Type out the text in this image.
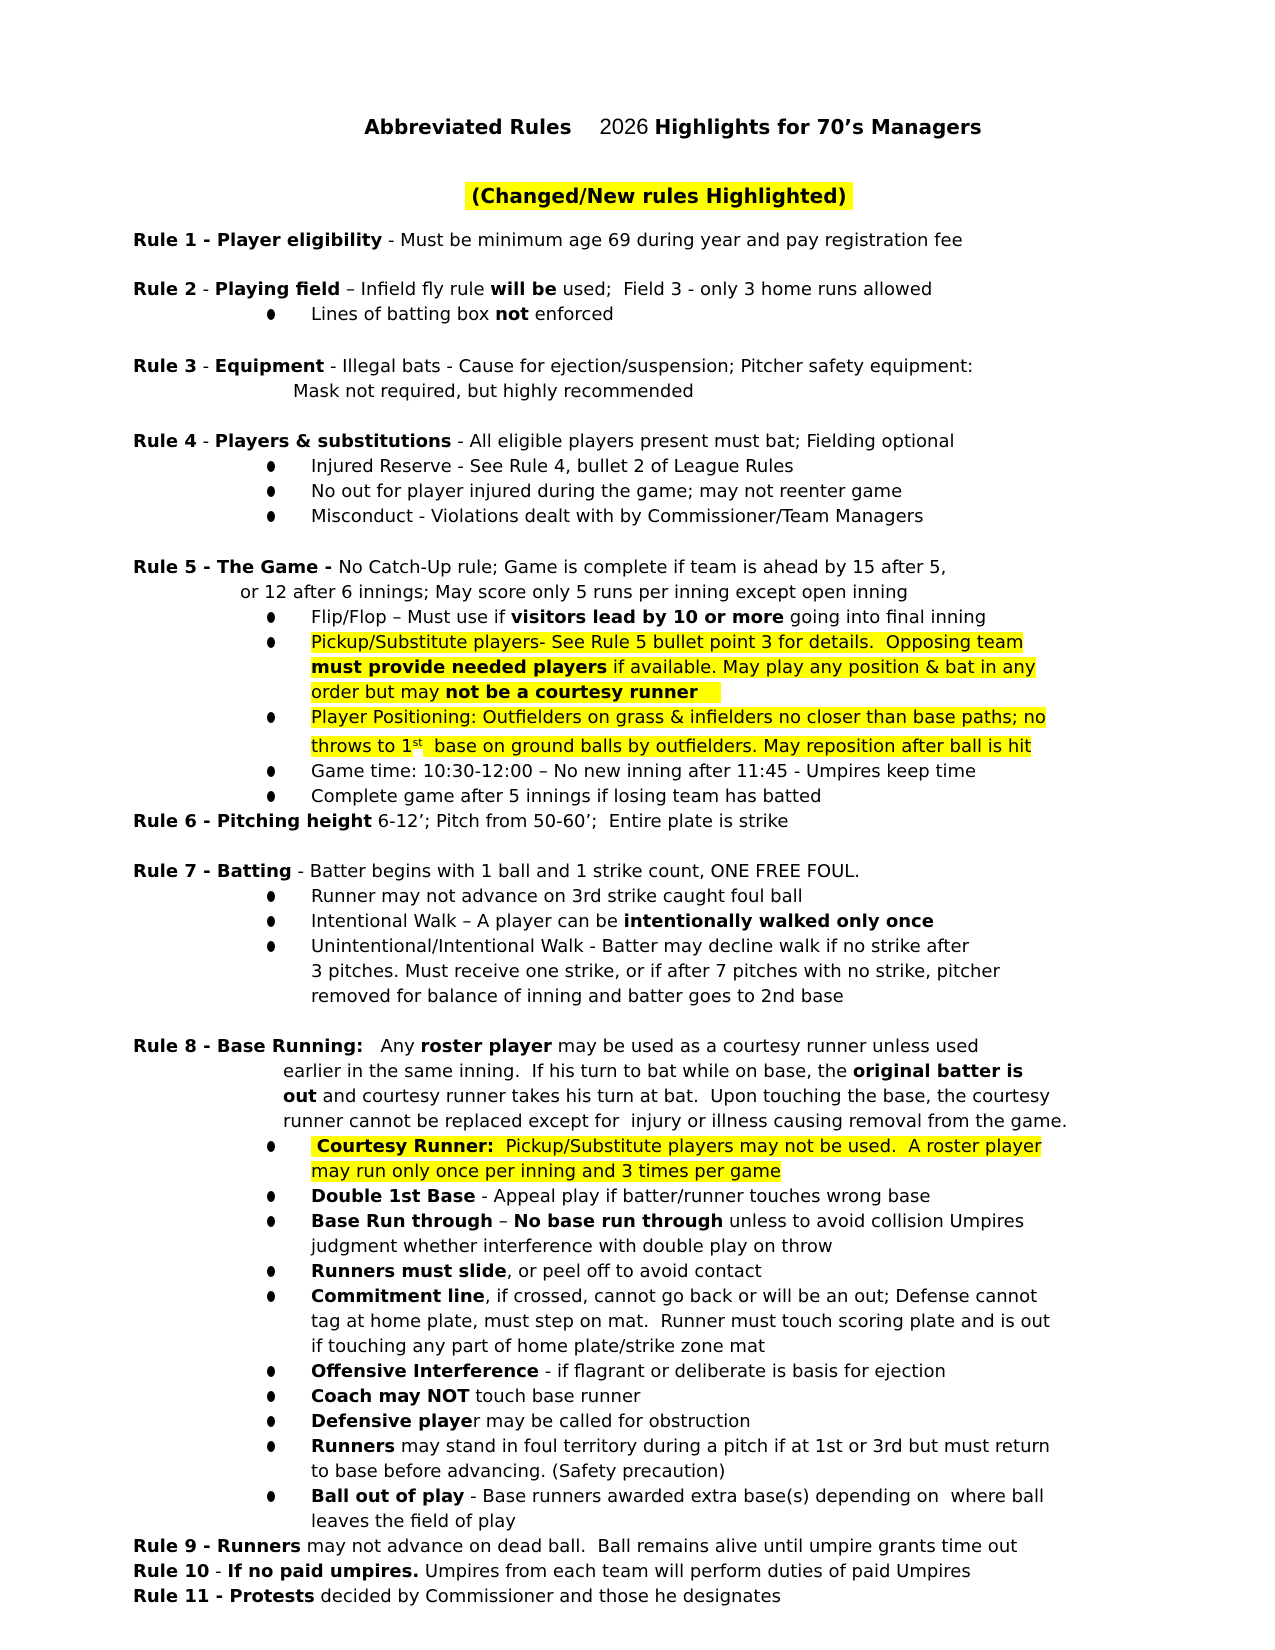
Abbreviated Rules 2026 Highlights for 70’s Managers

(Changed/New rules Highlighted)
Rule 1 - Player eligibility - Must be minimum age 69 during year and pay registration fee
Rule 2 - Playing field – Infield fly rule will be used;  Field 3 - only 3 home runs allowed
Lines of batting box not enforced
Rule 3 - Equipment - Illegal bats - Cause for ejection/suspension; Pitcher safety equipment:
Mask not required, but highly recommended
Rule 4 - Players & substitutions - All eligible players present must bat; Fielding optional
Injured Reserve - See Rule 4, bullet 2 of League Rules
No out for player injured during the game; may not reenter game
Misconduct - Violations dealt with by Commissioner/Team Managers
Rule 5 - The Game - No Catch-Up rule; Game is complete if team is ahead by 15 after 5,
or 12 after 6 innings; May score only 5 runs per inning except open inning
Flip/Flop – Must use if visitors lead by 10 or more going into final inning
Pickup/Substitute players- See Rule 5 bullet point 3 for details.  Opposing team
must provide needed players if available. May play any position & bat in any
order but may not be a courtesy runner
Player Positioning: Outfielders on grass & infielders no closer than base paths; no
throws to 1st  base on ground balls by outfielders. May reposition after ball is hit
Game time: 10:30-12:00 – No new inning after 11:45 - Umpires keep time
Complete game after 5 innings if losing team has batted
Rule 6 - Pitching height 6-12’; Pitch from 50-60’;  Entire plate is strike
Rule 7 - Batting - Batter begins with 1 ball and 1 strike count, ONE FREE FOUL.
Runner may not advance on 3rd strike caught foul ball
Intentional Walk – A player can be intentionally walked only once
Unintentional/Intentional Walk - Batter may decline walk if no strike after
3 pitches. Must receive one strike, or if after 7 pitches with no strike, pitcher
removed for balance of inning and batter goes to 2nd base
Rule 8 - Base Running:   Any roster player may be used as a courtesy runner unless used
earlier in the same inning.  If his turn to bat while on base, the original batter is
out and courtesy runner takes his turn at bat.  Upon touching the base, the courtesy
runner cannot be replaced except for  injury or illness causing removal from the game.
Courtesy Runner:  Pickup/Substitute players may not be used.  A roster player
may run only once per inning and 3 times per game
Double 1st Base - Appeal play if batter/runner touches wrong base
Base Run through – No base run through unless to avoid collision Umpires
judgment whether interference with double play on throw
Runners must slide, or peel off to avoid contact
Commitment line, if crossed, cannot go back or will be an out; Defense cannot
tag at home plate, must step on mat.  Runner must touch scoring plate and is out
if touching any part of home plate/strike zone mat
Offensive Interference - if flagrant or deliberate is basis for ejection
Coach may NOT touch base runner
Defensive player may be called for obstruction
Runners may stand in foul territory during a pitch if at 1st or 3rd but must return
to base before advancing. (Safety precaution)
Ball out of play - Base runners awarded extra base(s) depending on  where ball
leaves the field of play
Rule 9 - Runners may not advance on dead ball.  Ball remains alive until umpire grants time out
Rule 10 - If no paid umpires. Umpires from each team will perform duties of paid Umpires
Rule 11 - Protests decided by Commissioner and those he designates
